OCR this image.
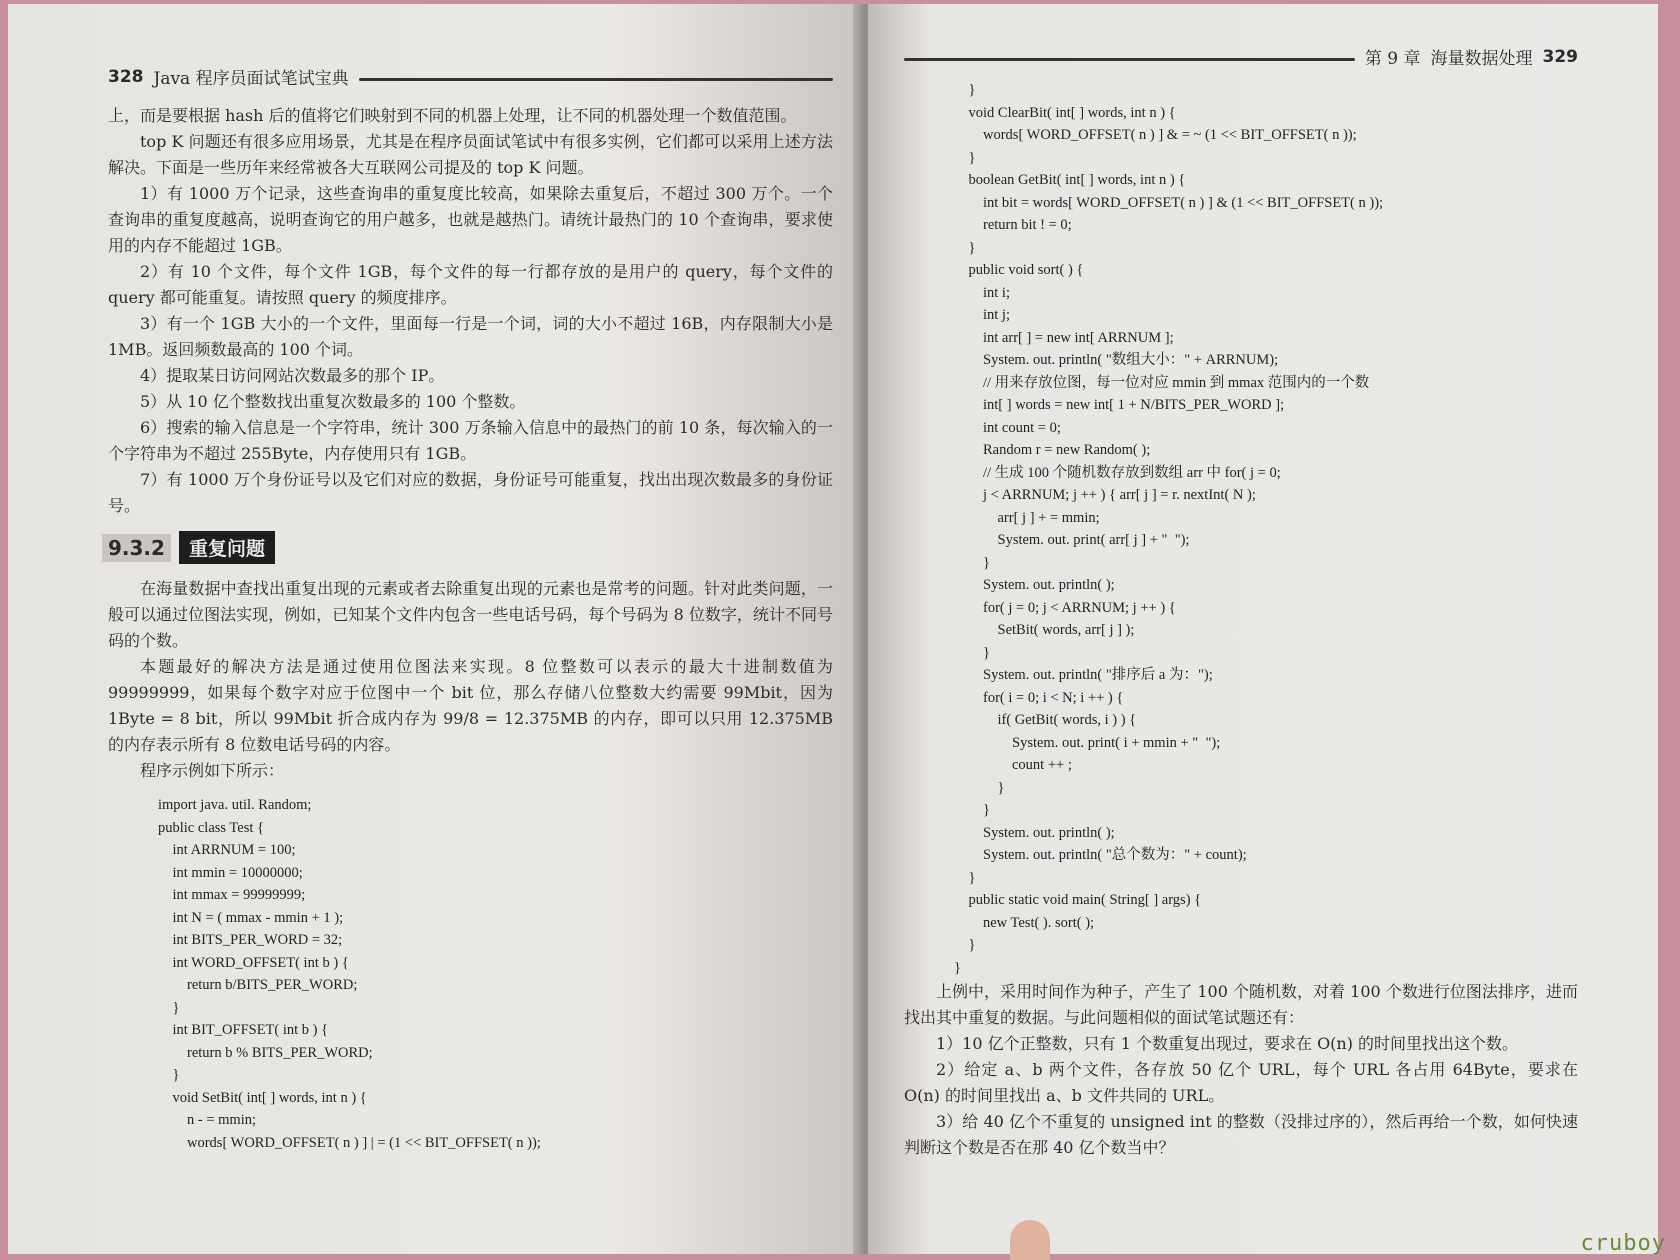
328 Java 程序员面试笔试宝典

上，而是要根据 hash 后的值将它们映射到不同的机器上处理，让不同的机器处理一个数值范围。

top K 问题还有很多应用场景，尤其是在程序员面试笔试中有很多实例，它们都可以采用上述方法解决。下面是一些历年来经常被各大互联网公司提及的 top K 问题。

1）有 1000 万个记录，这些查询串的重复度比较高，如果除去重复后，不超过 300 万个。一个查询串的重复度越高，说明查询它的用户越多，也就是越热门。请统计最热门的 10 个查询串，要求使用的内存不能超过 1GB。

2）有 10 个文件，每个文件 1GB，每个文件的每一行都存放的是用户的 query，每个文件的 query 都可能重复。请按照 query 的频度排序。

3）有一个 1GB 大小的一个文件，里面每一行是一个词，词的大小不超过 16B，内存限制大小是 1MB。返回频数最高的 100 个词。

4）提取某日访问网站次数最多的那个 IP。

5）从 10 亿个整数找出重复次数最多的 100 个整数。

6）搜索的输入信息是一个字符串，统计 300 万条输入信息中的最热门的前 10 条，每次输入的一个字符串为不超过 255Byte，内存使用只有 1GB。

7）有 1000 万个身份证号以及它们对应的数据，身份证号可能重复，找出出现次数最多的身份证号。

9.3.2	重复问题

在海量数据中查找出重复出现的元素或者去除重复出现的元素也是常考的问题。针对此类问题，一般可以通过位图法实现，例如，已知某个文件内包含一些电话号码，每个号码为 8 位数字，统计不同号码的个数。

本题最好的解决方法是通过使用位图法来实现。8 位整数可以表示的最大十进制数值为 99999999，如果每个数字对应于位图中一个 bit 位，那么存储八位整数大约需要 99Mbit，因为 1Byte = 8 bit，所以 99Mbit 折合成内存为 99/8 = 12.375MB 的内存，即可以只用 12.375MB 的内存表示所有 8 位数电话号码的内容。

程序示例如下所示：

import java. util. Random;
public class Test {
int ARRNUM = 100;
int mmin = 10000000;
int mmax = 99999999;
int N = ( mmax - mmin + 1 );
int BITS_PER_WORD = 32;
int WORD_OFFSET( int b ) {
return b/BITS_PER_WORD;
}
int BIT_OFFSET( int b ) {
return b % BITS_PER_WORD;
}
void SetBit( int[ ] words, int n ) {
n - = mmin;
words[ WORD_OFFSET( n ) ] | = (1 << BIT_OFFSET( n ));
第 9 章 海量数据处理 329
}
void ClearBit( int[ ] words, int n ) {
words[ WORD_OFFSET( n ) ] & = ~ (1 << BIT_OFFSET( n ));
}
boolean GetBit( int[ ] words, int n ) {
int bit = words[ WORD_OFFSET( n ) ] & (1 << BIT_OFFSET( n ));
return bit ! = 0;
}
public void sort( ) {
int i;
int j;
int arr[ ] = new int[ ARRNUM ];
System. out. println( "数组大小：" + ARRNUM);
// 用来存放位图，每一位对应 mmin 到 mmax 范围内的一个数
int[ ] words = new int[ 1 + N/BITS_PER_WORD ];
int count = 0;
Random r = new Random( );
// 生成 100 个随机数存放到数组 arr 中 for( j = 0;
j < ARRNUM; j ++ ) { arr[ j ] = r. nextInt( N );
arr[ j ] + = mmin;
System. out. print( arr[ j ] + "  ");
}
System. out. println( );
for( j = 0; j < ARRNUM; j ++ ) {
SetBit( words, arr[ j ] );
}
System. out. println( "排序后 a 为：");
for( i = 0; i < N; i ++ ) {
if( GetBit( words, i ) ) {
System. out. print( i + mmin + "  ");
count ++ ;
}
}
System. out. println( );
System. out. println( "总个数为：" + count);
}
public static void main( String[ ] args) {
new Test( ). sort( );
}
}

上例中，采用时间作为种子，产生了 100 个随机数，对着 100 个数进行位图法排序，进而找出其中重复的数据。与此问题相似的面试笔试题还有：

1）10 亿个正整数，只有 1 个数重复出现过，要求在 O(n) 的时间里找出这个数。

2）给定 a、b 两个文件，各存放 50 亿个 URL，每个 URL 各占用 64Byte，要求在 O(n) 的时间里找出 a、b 文件共同的 URL。

3）给 40 亿个不重复的 unsigned int 的整数（没排过序的），然后再给一个数，如何快速判断这个数是否在那 40 亿个数当中？

cruboy
